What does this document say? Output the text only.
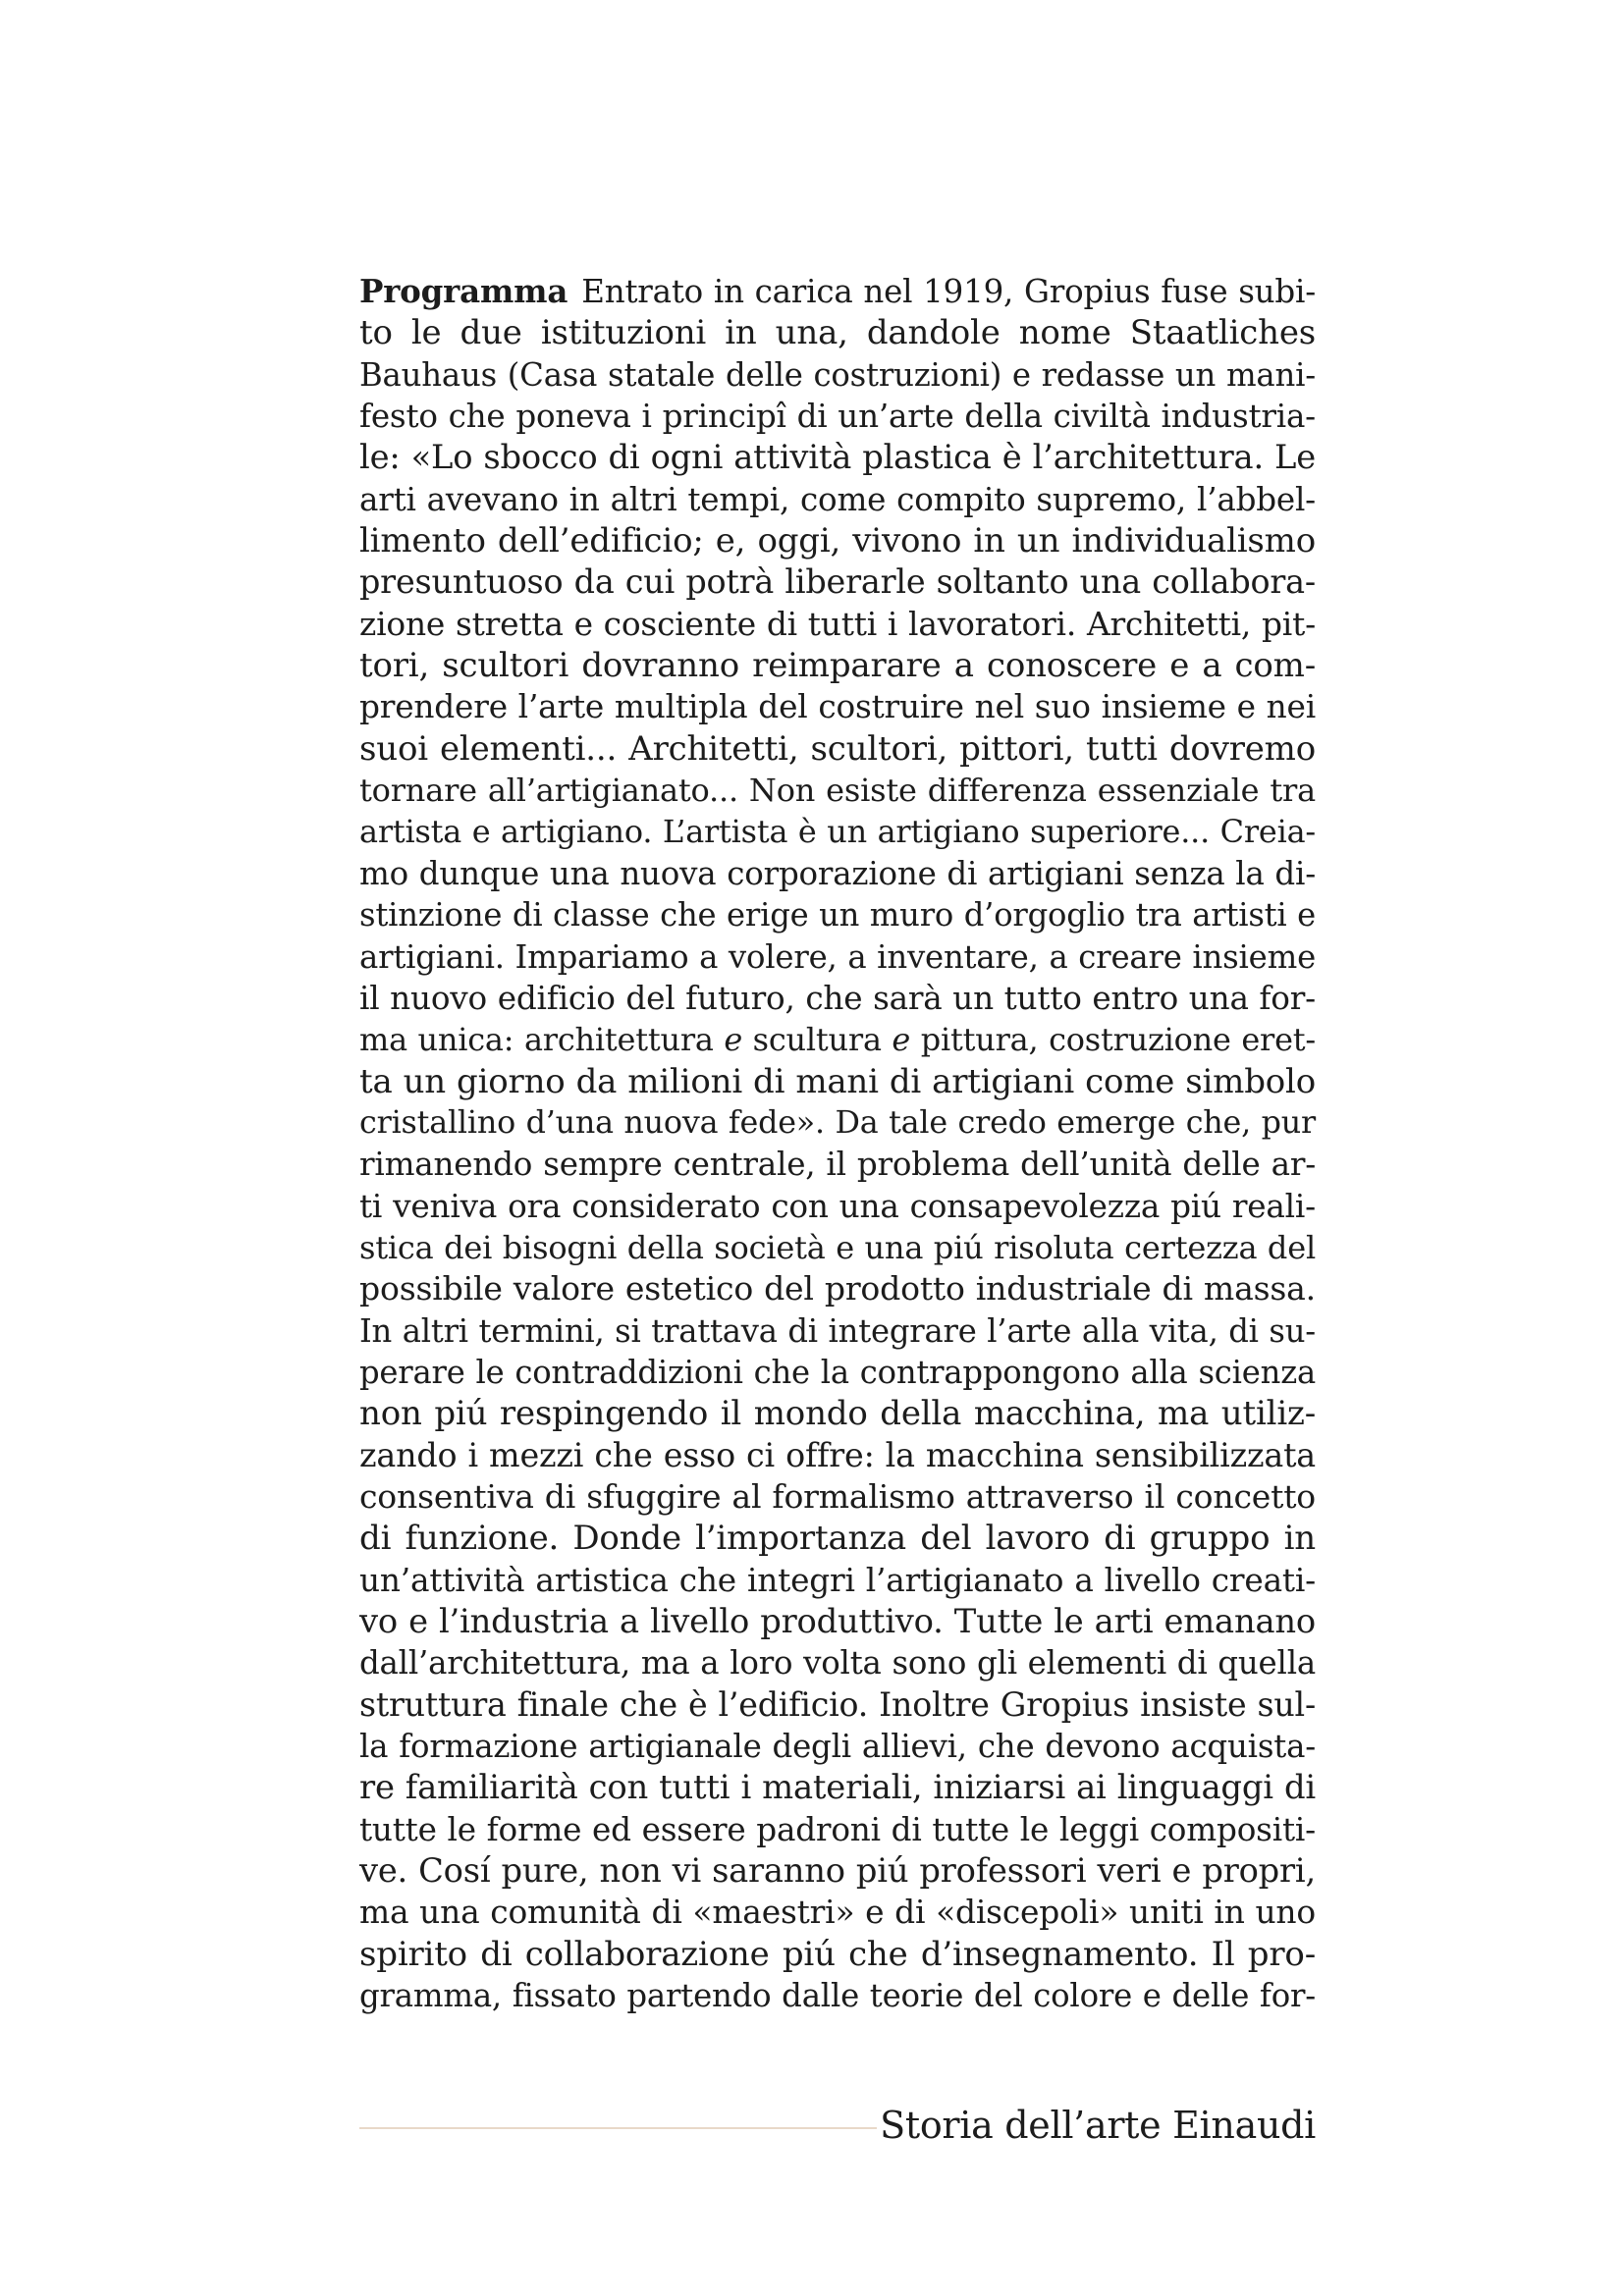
Programma Entrato in carica nel 1919, Gropius fuse subi-
to le due istituzioni in una, dandole nome Staatliches
Bauhaus (Casa statale delle costruzioni) e redasse un mani-
festo che poneva i principî di un’arte della civiltà industria-
le: «Lo sbocco di ogni attività plastica è l’architettura. Le
arti avevano in altri tempi, come compito supremo, l’abbel-
limento dell’edificio; e, oggi, vivono in un individualismo
presuntuoso da cui potrà liberarle soltanto una collabora-
zione stretta e cosciente di tutti i lavoratori. Architetti, pit-
tori, scultori dovranno reimparare a conoscere e a com-
prendere l’arte multipla del costruire nel suo insieme e nei
suoi elementi... Architetti, scultori, pittori, tutti dovremo
tornare all’artigianato... Non esiste differenza essenziale tra
artista e artigiano. L’artista è un artigiano superiore... Creia-
mo dunque una nuova corporazione di artigiani senza la di-
stinzione di classe che erige un muro d’orgoglio tra artisti e
artigiani. Impariamo a volere, a inventare, a creare insieme
il nuovo edificio del futuro, che sarà un tutto entro una for-
ma unica: architettura e scultura e pittura, costruzione eret-
ta un giorno da milioni di mani di artigiani come simbolo
cristallino d’una nuova fede». Da tale credo emerge che, pur
rimanendo sempre centrale, il problema dell’unità delle ar-
ti veniva ora considerato con una consapevolezza piú reali-
stica dei bisogni della società e una piú risoluta certezza del
possibile valore estetico del prodotto industriale di massa.
In altri termini, si trattava di integrare l’arte alla vita, di su-
perare le contraddizioni che la contrappongono alla scienza
non piú respingendo il mondo della macchina, ma utiliz-
zando i mezzi che esso ci offre: la macchina sensibilizzata
consentiva di sfuggire al formalismo attraverso il concetto
di funzione. Donde l’importanza del lavoro di gruppo in
un’attività artistica che integri l’artigianato a livello creati-
vo e l’industria a livello produttivo. Tutte le arti emanano
dall’architettura, ma a loro volta sono gli elementi di quella
struttura finale che è l’edificio. Inoltre Gropius insiste sul-
la formazione artigianale degli allievi, che devono acquista-
re familiarità con tutti i materiali, iniziarsi ai linguaggi di
tutte le forme ed essere padroni di tutte le leggi compositi-
ve. Cosí pure, non vi saranno piú professori veri e propri,
ma una comunità di «maestri» e di «discepoli» uniti in uno
spirito di collaborazione piú che d’insegnamento. Il pro-
gramma, fissato partendo dalle teorie del colore e delle for-
Storia dell’arte Einaudi
